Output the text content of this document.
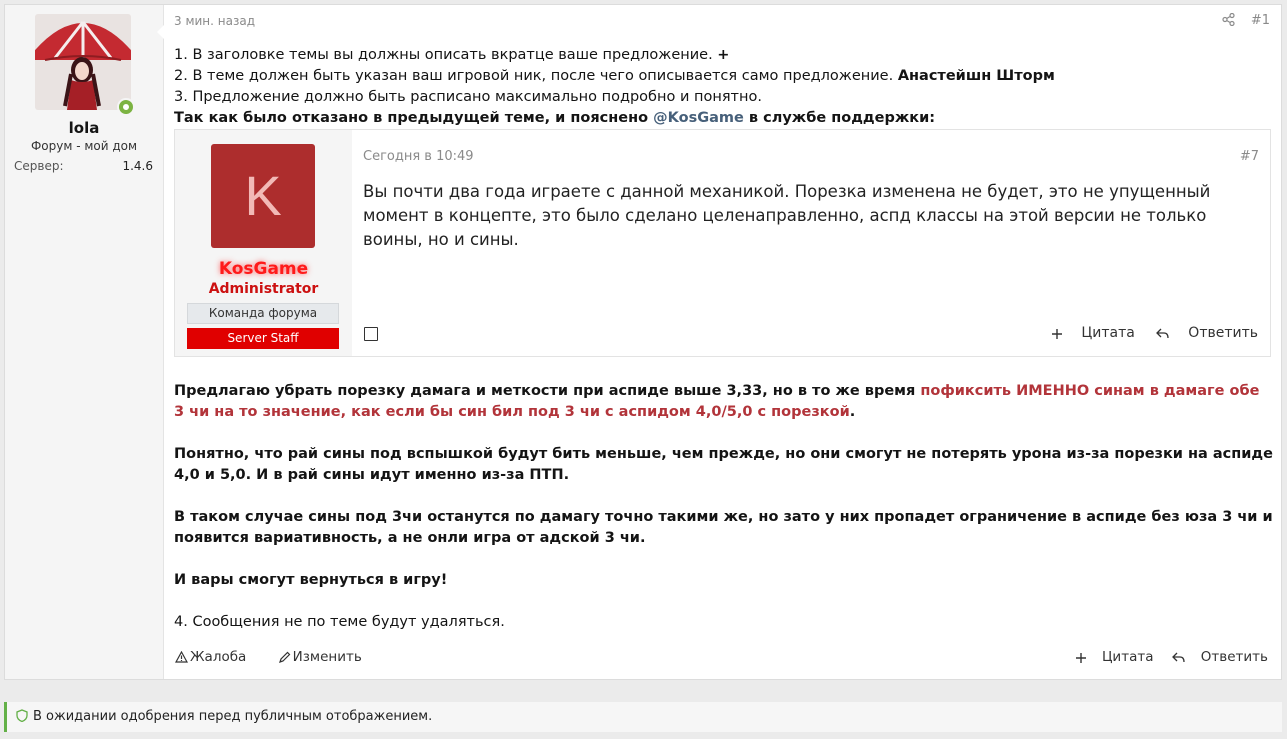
lola
Форум - мой дом
Сервер:	1.4.6
3 мин. назад	#1
1. В заголовке темы вы должны описать вкратце ваше предложение. +
2. В теме должен быть указан ваш игровой ник, после чего описывается само предложение. Анастейшн Шторм
3. Предложение должно быть расписано максимально подробно и понятно.
Так как было отказано в предыдущей теме, и пояснено @KosGame в службе поддержки:
K
KosGame
Administrator
Команда форума
Server Staff
Сегодня в 10:49	#7
Вы почти два года играете с данной механикой. Порезка изменена не будет, это не упущенный момент в концепте, это было сделано целенаправленно, аспд классы на этой версии не только воины, но и сины.
Цитата	Ответить

Предлагаю убрать порезку дамага и меткости при аспиде выше 3,33, но в то же время пофиксить ИМЕННО синам в дамаге обе 3 чи на то значение, как если бы син бил под 3 чи с аспидом 4,0/5,0 с порезкой.

Понятно, что рай сины под вспышкой будут бить меньше, чем прежде, но они смогут не потерять урона из-за порезки на аспиде 4,0 и 5,0. И в рай сины идут именно из-за ПТП.

В таком случае сины под 3чи останутся по дамагу точно такими же, но зато у них пропадет ограничение в аспиде без юза 3 чи и появится вариативность, а не онли игра от адской 3 чи.

И вары смогут вернуться в игру!

4. Сообщения не по теме будут удаляться.

Жалоба	Изменить	Цитата	Ответить
В ожидании одобрения перед публичным отображением.
